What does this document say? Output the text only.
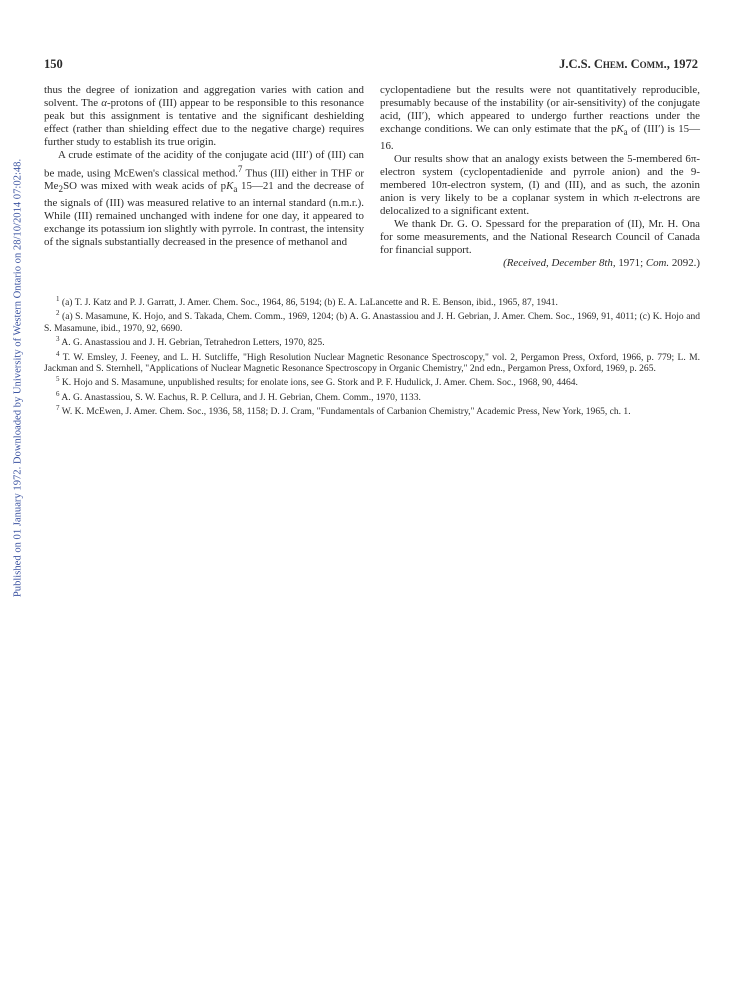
Published on 01 January 1972. Downloaded by University of Western Ontario on 28/10/2014 07:02:48.
150	J.C.S. Chem. Comm., 1972

thus the degree of ionization and aggregation varies with cation and solvent. The α-protons of (III) appear to be responsible to this resonance peak but this assignment is tentative and the significant deshielding effect (rather than shielding effect due to the negative charge) requires further study to establish its true origin.

A crude estimate of the acidity of the conjugate acid (III′) of (III) can be made, using McEwen's classical method.$^7$ Thus (III) either in THF or $Me_2SO$ was mixed with weak acids of $pK_a$ 15—21 and the decrease of the signals of (III) was measured relative to an internal standard (n.m.r.). While (III) remained unchanged with indene for one day, it appeared to exchange its potassium ion slightly with pyrrole. In contrast, the intensity of the signals substantially decreased in the presence of methanol and

cyclopentadiene but the results were not quantitatively reproducible, presumably because of the instability (or air-sensitivity) of the conjugate acid, (III′), which appeared to undergo further reactions under the exchange conditions. We can only estimate that the $pK_a$ of (III′) is 15—16.

Our results show that an analogy exists between the 5-membered 6π-electron system (cyclopentadienide and pyrrole anion) and the 9-membered 10π-electron system, (I) and (III), and as such, the azonin anion is very likely to be a coplanar system in which π-electrons are delocalized to a significant extent.

We thank Dr. G. O. Spessard for the preparation of (II), Mr. H. Ona for some measurements, and the National Research Council of Canada for financial support.

(Received, December 8th, 1971; Com. 2092.)

$^1$ (a) T. J. Katz and P. J. Garratt, J. Amer. Chem. Soc., 1964, 86, 5194; (b) E. A. LaLancette and R. E. Benson, ibid., 1965, 87, 1941.

$^2$ (a) S. Masamune, K. Hojo, and S. Takada, Chem. Comm., 1969, 1204; (b) A. G. Anastassiou and J. H. Gebrian, J. Amer. Chem. Soc., 1969, 91, 4011; (c) K. Hojo and S. Masamune, ibid., 1970, 92, 6690.

$^3$ A. G. Anastassiou and J. H. Gebrian, Tetrahedron Letters, 1970, 825.

$^4$ T. W. Emsley, J. Feeney, and L. H. Sutcliffe, "High Resolution Nuclear Magnetic Resonance Spectroscopy," vol. 2, Pergamon Press, Oxford, 1966, p. 779; L. M. Jackman and S. Sternhell, "Applications of Nuclear Magnetic Resonance Spectroscopy in Organic Chemistry," 2nd edn., Pergamon Press, Oxford, 1969, p. 265.

$^5$ K. Hojo and S. Masamune, unpublished results; for enolate ions, see G. Stork and P. F. Hudulick, J. Amer. Chem. Soc., 1968, 90, 4464.

$^6$ A. G. Anastassiou, S. W. Eachus, R. P. Cellura, and J. H. Gebrian, Chem. Comm., 1970, 1133.

$^7$ W. K. McEwen, J. Amer. Chem. Soc., 1936, 58, 1158; D. J. Cram, "Fundamentals of Carbanion Chemistry," Academic Press, New York, 1965, ch. 1.
